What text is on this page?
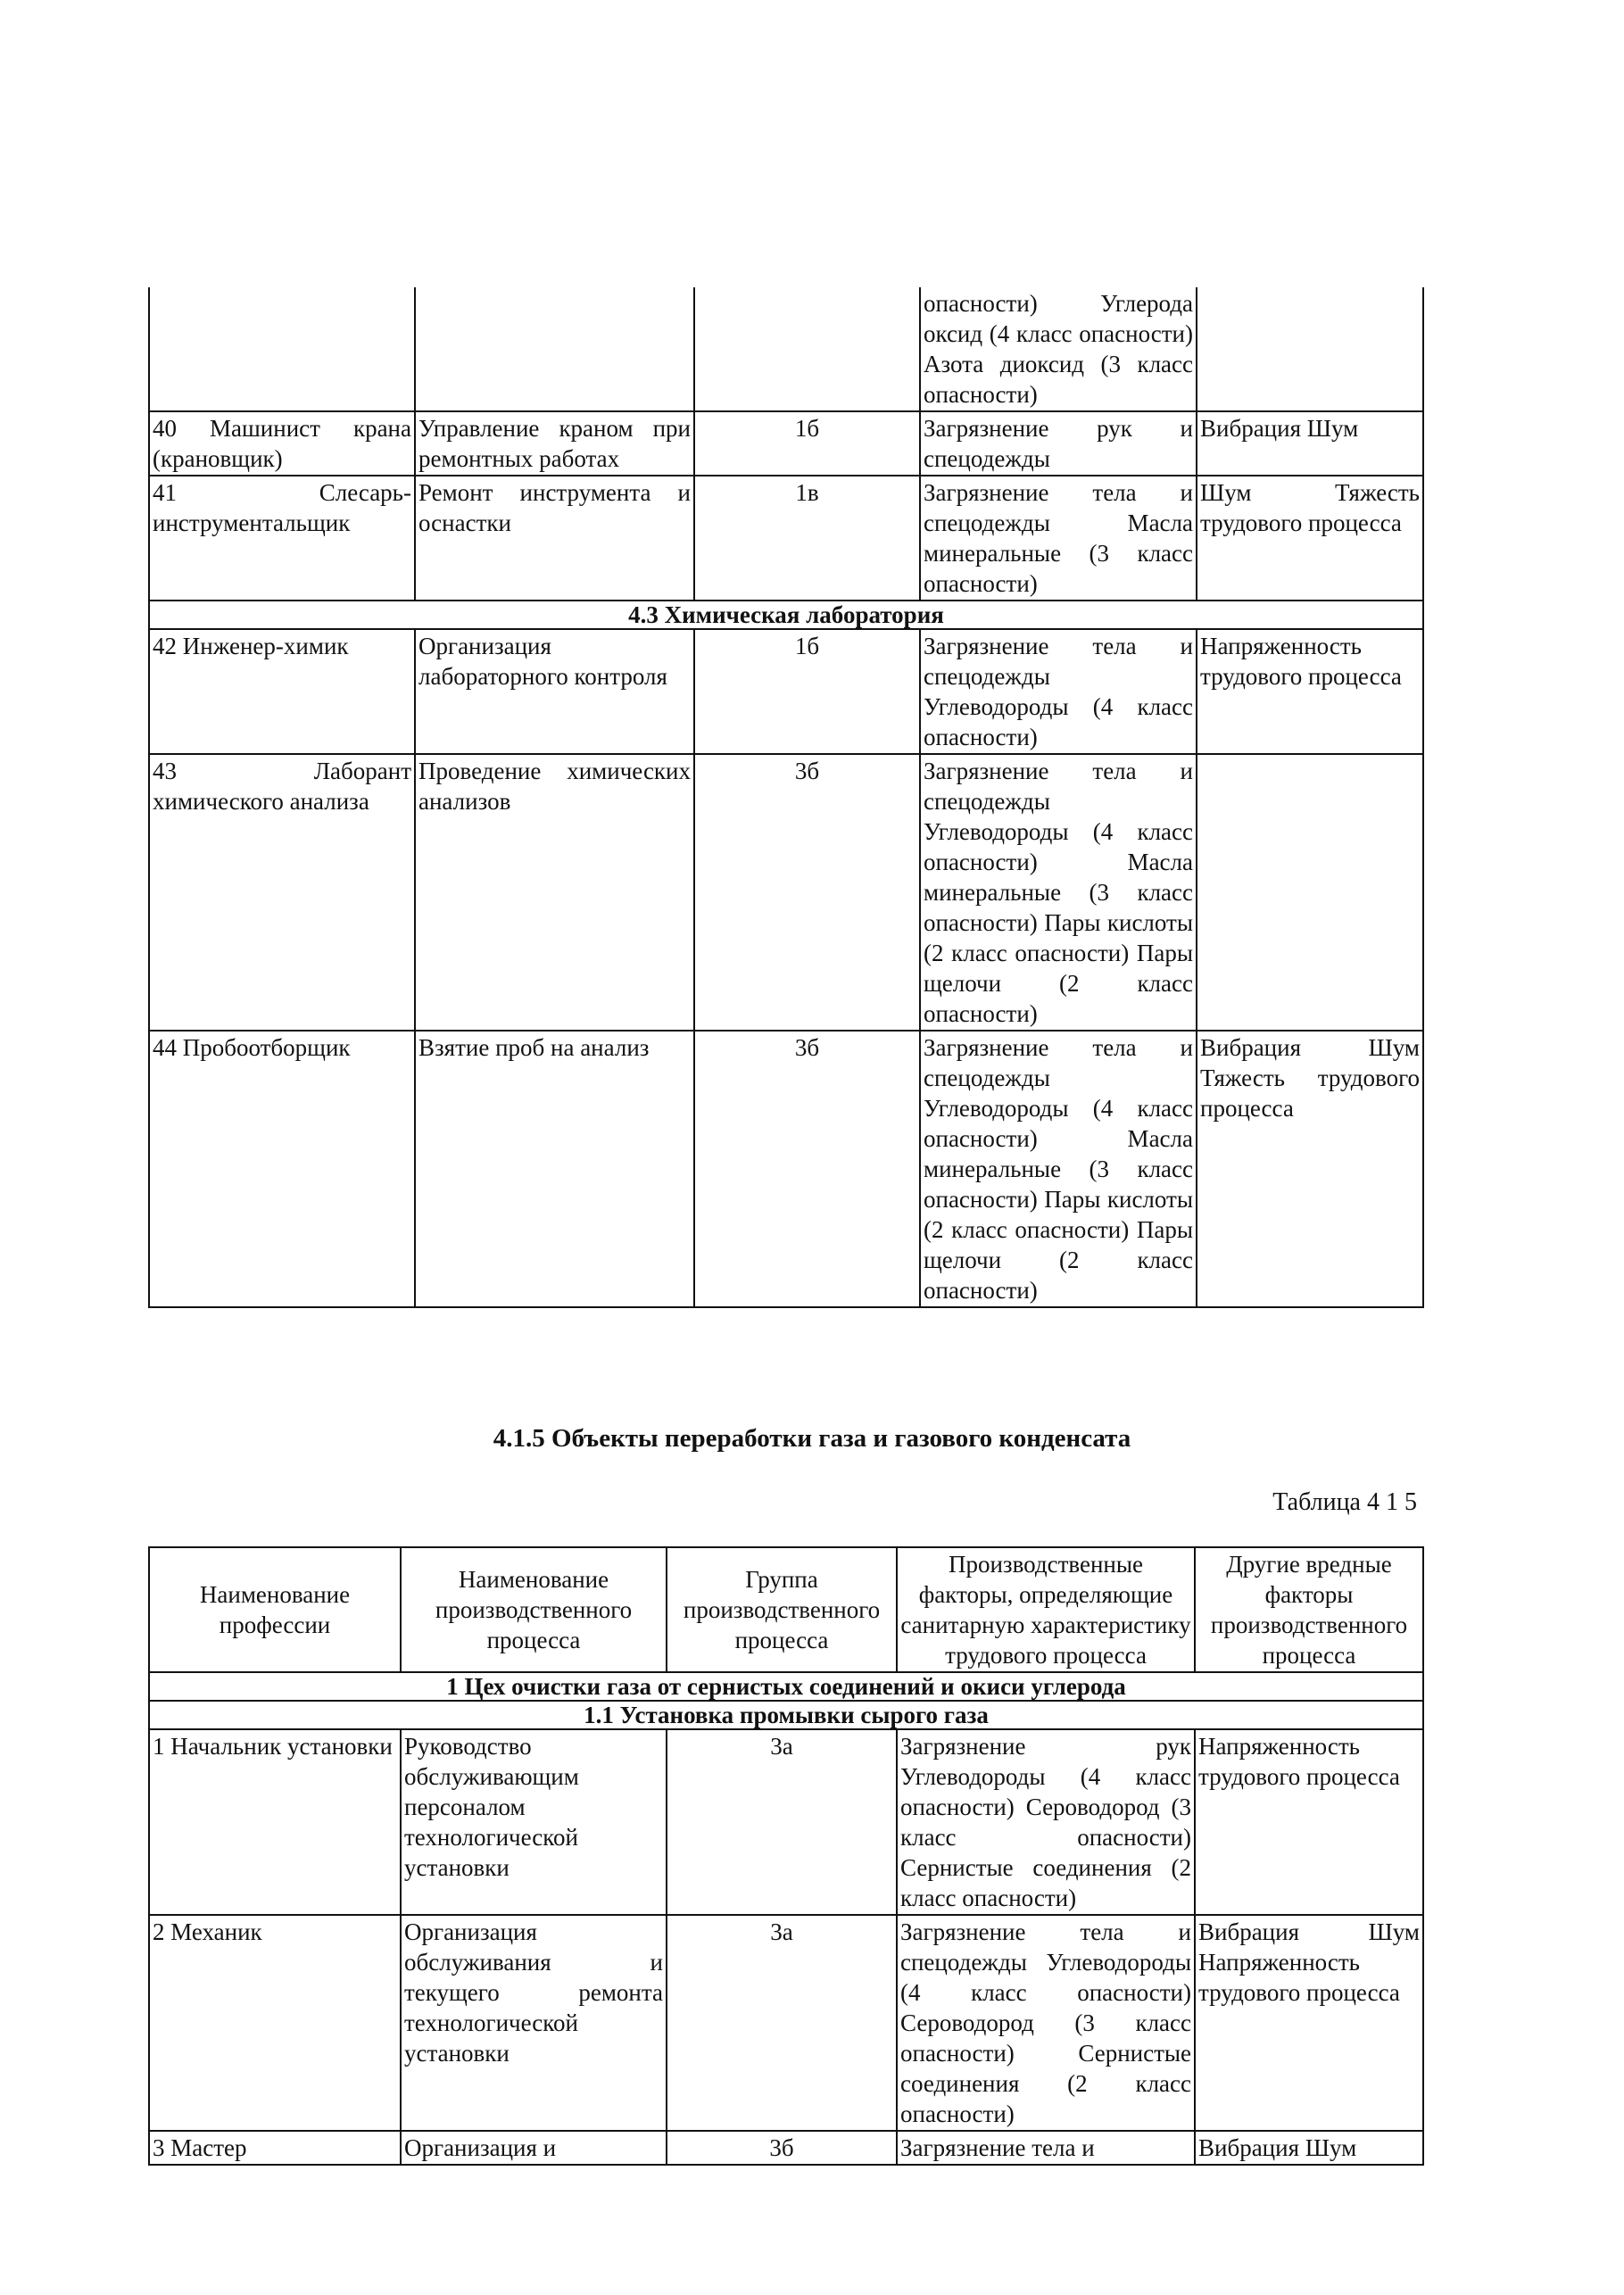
			опасности) Углерода оксид (4 класс опасности) Азота диоксид (3 класс опасности)	
40 Машинист крана (крановщик)	Управление краном при ремонтных работах	1б	Загрязнение рук и спецодежды	Вибрация Шум
41 Слесарь-инструментальщик	Ремонт инструмента и оснастки	1в	Загрязнение тела и спецодежды Масла минеральные (3 класс опасности)	Шум Тяжесть трудового процесса
4.3 Химическая лаборатория				
42 Инженер-химик	Организация лабораторного контроля	1б	Загрязнение тела и спецодежды Углеводороды (4 класс опасности)	Напряженность трудового процесса
43 Лаборант химического анализа	Проведение химических анализов	3б	Загрязнение тела и спецодежды Углеводороды (4 класс опасности) Масла минеральные (3 класс опасности) Пары кислоты (2 класс опасности) Пары щелочи (2 класс опасности)	
44 Пробоотборщик	Взятие проб на анализ	3б	Загрязнение тела и спецодежды Углеводороды (4 класс опасности) Масла минеральные (3 класс опасности) Пары кислоты (2 класс опасности) Пары щелочи (2 класс опасности)	Вибрация Шум Тяжесть трудового процесса
4.1.5 Объекты переработки газа и газового конденсата
Таблица 4 1 5
Наименование профессии	Наименование производственного процесса	Группа производственного процесса	Производственные факторы, определяющие санитарную характеристику трудового процесса	Другие вредные факторы производственного процесса
1 Цех очистки газа от сернистых соединений и окиси углерода				
1.1 Установка промывки сырого газа				
1 Начальник установки	Руководство обслуживающим персоналом технологической установки	3а	Загрязнение рук Углеводороды (4 класс опасности) Сероводород (3 класс опасности) Сернистые соединения (2 класс опасности)	Напряженность трудового процесса
2 Механик	Организация обслуживания и текущего ремонта технологической установки	3а	Загрязнение тела и спецодежды Углеводороды (4 класс опасности) Сероводород (3 класс опасности) Сернистые соединения (2 класс опасности)	Вибрация Шум Напряженность трудового процесса
3 Мастер	Организация и	3б	Загрязнение тела и	Вибрация Шум
